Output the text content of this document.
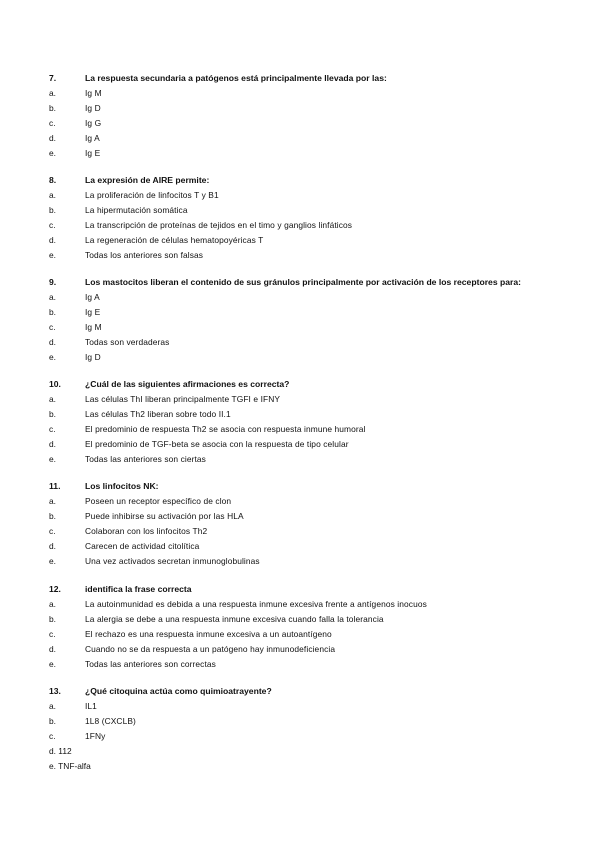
7.	La respuesta secundaria a patógenos está principalmente llevada por las:
a.	Ig M
b.	Ig D
c.	Ig G
d.	Ig A
e.	Ig E
8.	La expresión de AIRE permite:
a.	La proliferación de linfocitos T y B1
b.	La hipermutación somática
c.	La transcripción de proteínas de tejidos en el timo y ganglios linfáticos
d.	La regeneración de células hematopoyéricas T
e.	Todas los anteriores son falsas
9.	Los mastocitos liberan el contenido de sus gránulos principalmente por activación de los receptores para:
a.	Ig A
b.	Ig E
c.	Ig M
d.	Todas son verdaderas
e.	Ig D
10.	¿Cuál de las siguientes afirmaciones es correcta?
a.	Las células ThI liberan principalmente TGFI e IFNY
b.	Las células Th2 liberan sobre todo II.1
c.	El predominio de respuesta Th2 se asocia con respuesta inmune humoral
d.	El predominio de TGF-beta se asocia con la respuesta de tipo celular
e.	Todas las anteriores son ciertas
11.	Los linfocitos NK:
a.	Poseen un receptor específico de clon
b.	Puede inhibirse su activación por las HLA
c.	Colaboran con los linfocitos Th2
d.	Carecen de actividad citolítica
e.	Una vez activados secretan inmunoglobulinas
12.	identifica la frase correcta
a.	La autoinmunidad es debida a una respuesta inmune excesiva frente a antígenos inocuos
b.	La alergia se debe a una respuesta inmune excesiva cuando falla la tolerancia
c.	El rechazo es una respuesta inmune excesiva a un autoantígeno
d.	Cuando no se da respuesta a un patógeno hay inmunodeficiencia
e.	Todas las anteriores son correctas
13.	¿Qué citoquina actúa como quimioatrayente?
a.	IL1
b.	1L8 (CXCLB)
c.	1FNy
d. 112
e. TNF-alfa
